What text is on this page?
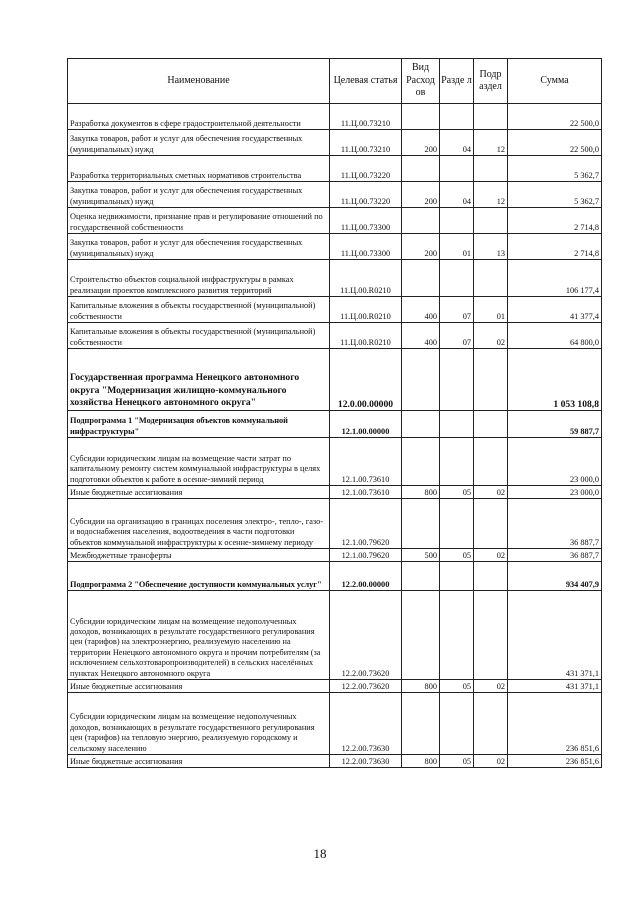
Наименование	Целевая статья	Вид Расход ов	Разде л	Подр аздел	Сумма
Разработка документов в сфере градостроительной деятельности	11.Ц.00.73210				22 500,0
Закупка товаров, работ и услуг для обеспечения государственных (муниципальных) нужд	11.Ц.00.73210	200	04	12	22 500,0
Разработка территориальных сметных нормативов строительства	11.Ц.00.73220				5 362,7
Закупка товаров, работ и услуг для обеспечения государственных (муниципальных) нужд	11.Ц.00.73220	200	04	12	5 362,7
Оценка недвижимости, признание прав и регулирование отношений по государственной собственности	11.Ц.00.73300				2 714,8
Закупка товаров, работ и услуг для обеспечения государственных (муниципальных) нужд	11.Ц.00.73300	200	01	13	2 714,8
Строительство объектов социальной инфраструктуры в рамках реализации проектов комплексного развития территорий	11.Ц.00.R0210				106 177,4
Капитальные вложения в объекты государственной (муниципальной) собственности	11.Ц.00.R0210	400	07	01	41 377,4
Капитальные вложения в объекты государственной (муниципальной) собственности	11.Ц.00.R0210	400	07	02	64 800,0
Государственная программа Ненецкого автономного округа "Модернизация жилищно-коммунального хозяйства Ненецкого автономного округа"	12.0.00.00000				1 053 108,8
Подпрограмма 1 "Модернизация объектов коммунальной инфраструктуры"	12.1.00.00000				59 887,7
Субсидии юридическим лицам на возмещение части затрат по капитальному ремонту систем коммунальной инфраструктуры в целях подготовки объектов к работе в осенне-зимний период	12.1.00.73610				23 000,0
Иные бюджетные ассигнования	12.1.00.73610	800	05	02	23 000,0
Субсидии на организацию в границах поселения электро-, тепло-, газо- и водоснабжения населения, водоотведения в части подготовки объектов коммунальной инфраструктуры к осенне-зимнему периоду	12.1.00.79620				36 887,7
Межбюджетные трансферты	12.1.00.79620	500	05	02	36 887,7
Подпрограмма 2 "Обеспечение доступности коммунальных услуг"	12.2.00.00000				934 407,9
Субсидии юридическим лицам на возмещение недополученных доходов, возникающих в результате государственного регулирования цен (тарифов) на электроэнергию, реализуемую населению на территории Ненецкого автономного округа и прочим потребителям (за исключением сельхозтоваропроизводителей) в сельских населённых пунктах Ненецкого автономного округа	12.2.00.73620				431 371,1
Иные бюджетные ассигнования	12.2.00.73620	800	05	02	431 371,1
Субсидии юридическим лицам на возмещение недополученных доходов, возникающих в результате государственного регулирования цен (тарифов) на тепловую энергию, реализуемую городскому и сельскому населению	12.2.00.73630				236 851,6
Иные бюджетные ассигнования	12.2.00.73630	800	05	02	236 851,6
18
